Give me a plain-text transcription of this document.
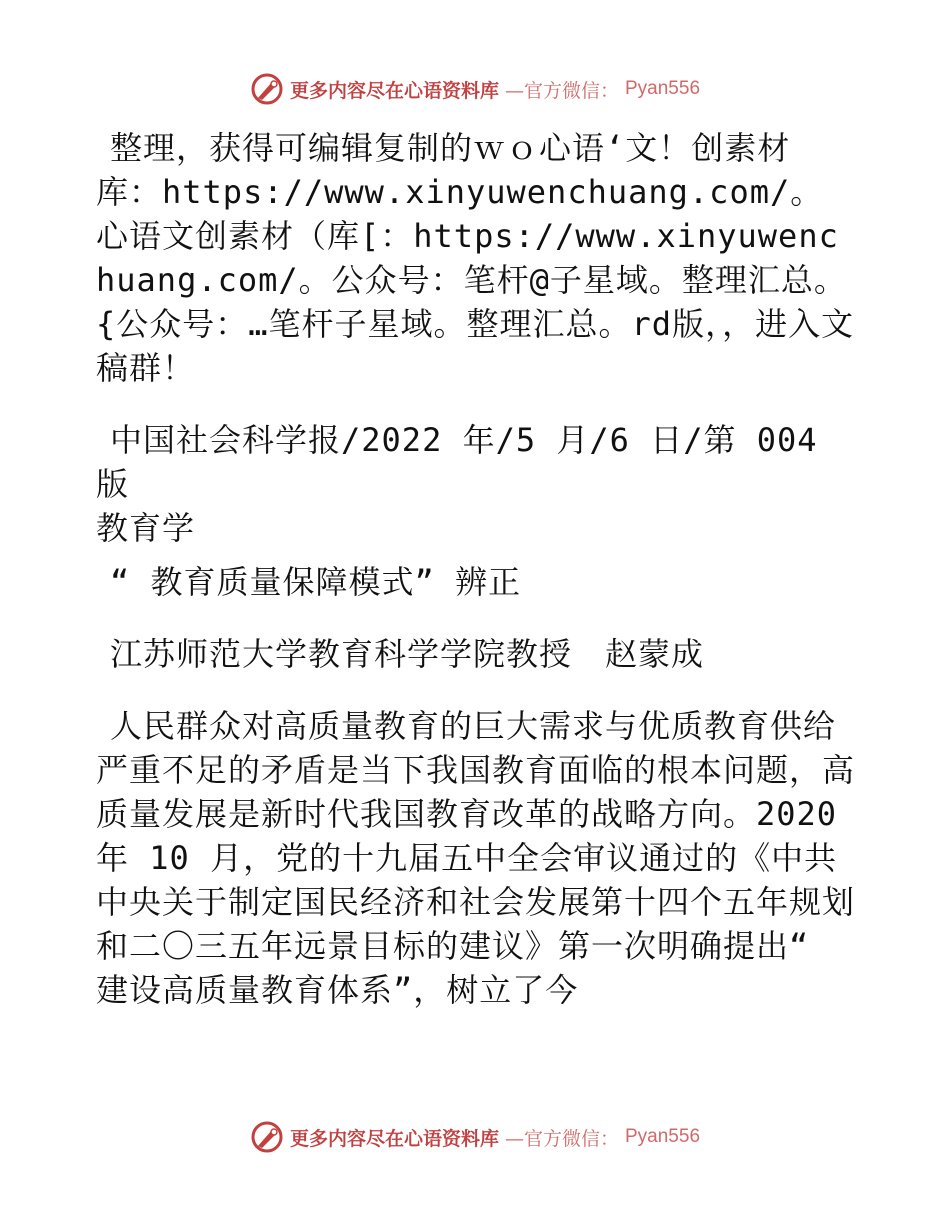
更多内容尽在心语资料库 —官方微信： Pyan556

整理，获得可编辑复制的ｗｏ心语‘文！创素材库：https://www.xinyuwenchuang.com/。心语文创素材（库[：https://www.xinyuwenchuang.com/。公众号：笔杆@子星域。整理汇总。{公众号：…笔杆子星域。整理汇总。rd版，，进入文稿群！

中国社会科学报/2022 年/5 月/6 日/第 004 版

教育学

“ 教育质量保障模式” 辨正

江苏师范大学教育科学学院教授　赵蒙成

人民群众对高质量教育的巨大需求与优质教育供给严重不足的矛盾是当下我国教育面临的根本问题，高质量发展是新时代我国教育改革的战略方向。2020 年 10 月，党的十九届五中全会审议通过的《中共中央关于制定国民经济和社会发展第十四个五年规划和二〇三五年远景目标的建议》第一次明确提出“ 建设高质量教育体系”，树立了今

更多内容尽在心语资料库 —官方微信： Pyan556
